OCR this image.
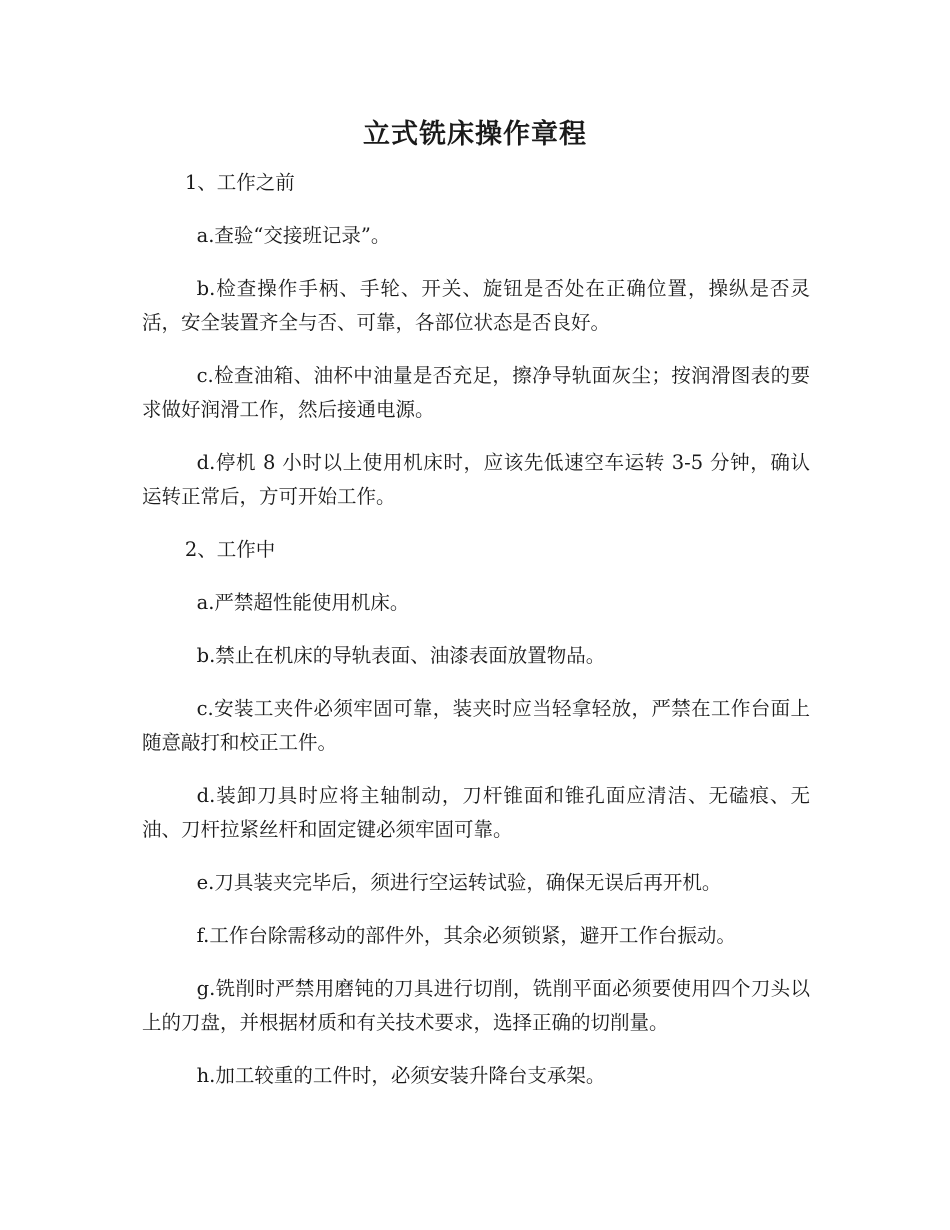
立式铣床操作章程

1、工作之前

a.查验“交接班记录”。

b.检查操作手柄、手轮、开关、旋钮是否处在正确位置，操纵是否灵活，安全装置齐全与否、可靠，各部位状态是否良好。

c.检查油箱、油杯中油量是否充足，擦净导轨面灰尘；按润滑图表的要求做好润滑工作，然后接通电源。

d.停机 8 小时以上使用机床时，应该先低速空车运转 3-5 分钟，确认运转正常后，方可开始工作。

2、工作中

a.严禁超性能使用机床。

b.禁止在机床的导轨表面、油漆表面放置物品。

c.安装工夹件必须牢固可靠，装夹时应当轻拿轻放，严禁在工作台面上随意敲打和校正工件。

d.装卸刀具时应将主轴制动，刀杆锥面和锥孔面应清洁、无磕痕、无油、刀杆拉紧丝杆和固定键必须牢固可靠。

e.刀具装夹完毕后，须进行空运转试验，确保无误后再开机。

f.工作台除需移动的部件外，其余必须锁紧，避开工作台振动。

g.铣削时严禁用磨钝的刀具进行切削，铣削平面必须要使用四个刀头以上的刀盘，并根据材质和有关技术要求，选择正确的切削量。

h.加工较重的工件时，必须安装升降台支承架。
